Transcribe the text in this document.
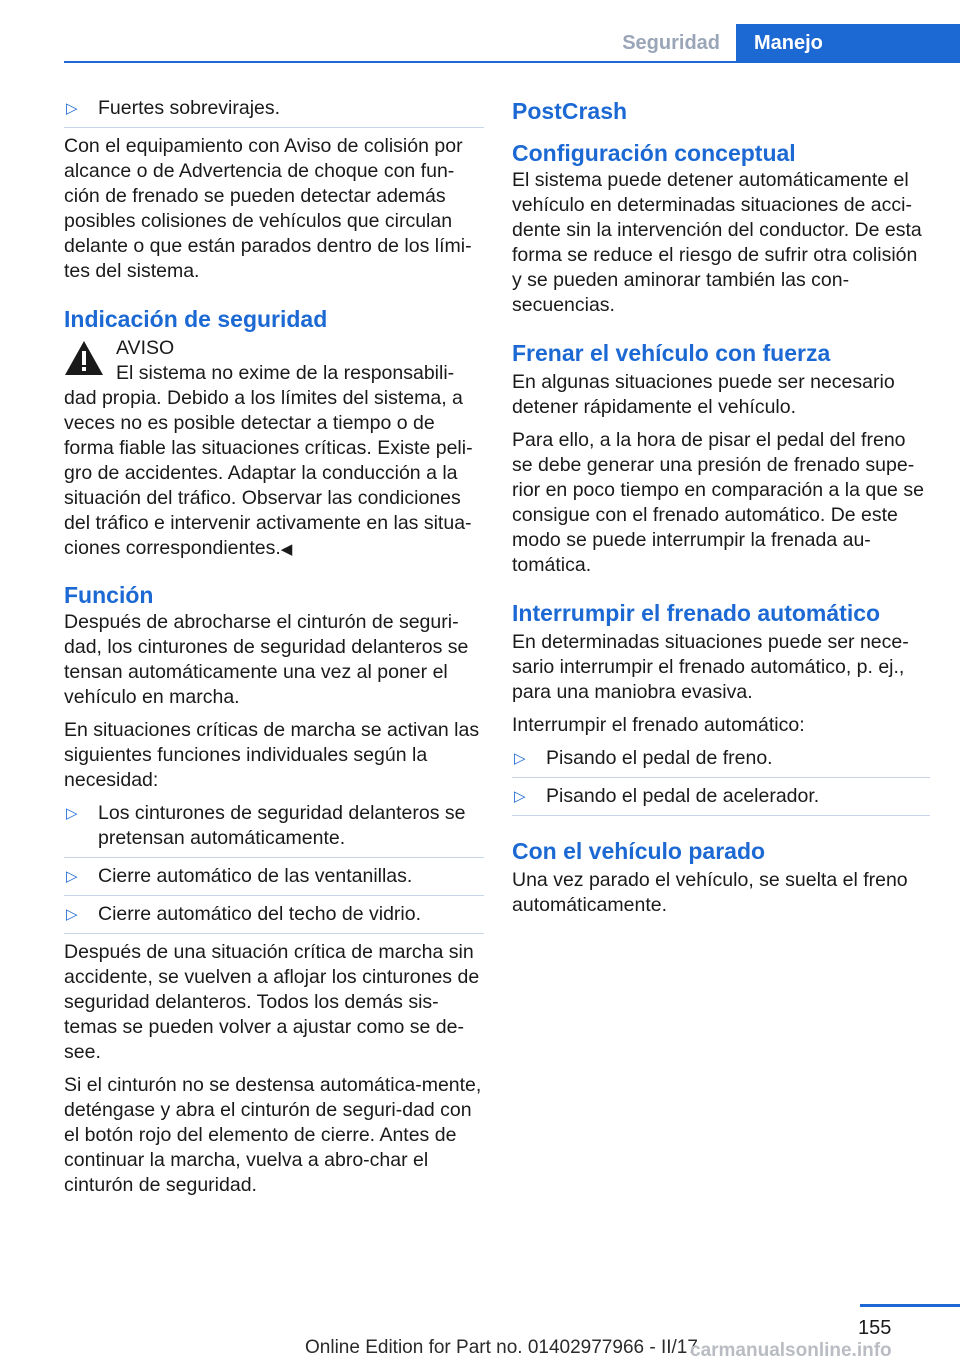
Seguridad	Manejo
▷	Fuertes sobrevirajes.

Con el equipamiento con Aviso de colisión por alcance o de Advertencia de choque con fun-ción de frenado se pueden detectar además posibles colisiones de vehículos que circulan delante o que están parados dentro de los lími-tes del sistema.

Indicación de seguridad
AVISO
El sistema no exime de la responsabili-
dad propia. Debido a los límites del sistema, a veces no es posible detectar a tiempo o de forma fiable las situaciones críticas. Existe peli-gro de accidentes. Adaptar la conducción a la situación del tráfico. Observar las condiciones del tráfico e intervenir activamente en las situa-ciones correspondientes.◀
Función

Después de abrocharse el cinturón de seguri-dad, los cinturones de seguridad delanteros se tensan automáticamente una vez al poner el vehículo en marcha.

En situaciones críticas de marcha se activan las siguientes funciones individuales según la necesidad:

▷	Los cinturones de seguridad delanteros se pretensan automáticamente.
▷	Cierre automático de las ventanillas.
▷	Cierre automático del techo de vidrio.

Después de una situación crítica de marcha sin accidente, se vuelven a aflojar los cinturones de seguridad delanteros. Todos los demás sis-temas se pueden volver a ajustar como se de-see.

Si el cinturón no se destensa automática-mente, deténgase y abra el cinturón de seguri-dad con el botón rojo del elemento de cierre. Antes de continuar la marcha, vuelva a abro-char el cinturón de seguridad.

PostCrash
Configuración conceptual

El sistema puede detener automáticamente el vehículo en determinadas situaciones de acci-dente sin la intervención del conductor. De esta forma se reduce el riesgo de sufrir otra colisión y se pueden aminorar también las con-secuencias.

Frenar el vehículo con fuerza

En algunas situaciones puede ser necesario detener rápidamente el vehículo.

Para ello, a la hora de pisar el pedal del freno se debe generar una presión de frenado supe-rior en poco tiempo en comparación a la que se consigue con el frenado automático. De este modo se puede interrumpir la frenada au-tomática.

Interrumpir el frenado automático

En determinadas situaciones puede ser nece-sario interrumpir el frenado automático, p. ej., para una maniobra evasiva.

Interrumpir el frenado automático:

▷	Pisando el pedal de freno.
▷	Pisando el pedal de acelerador.
Con el vehículo parado

Una vez parado el vehículo, se suelta el freno automáticamente.

155
Online Edition for Part no. 01402977966 - II/17
carmanualsonline.info
